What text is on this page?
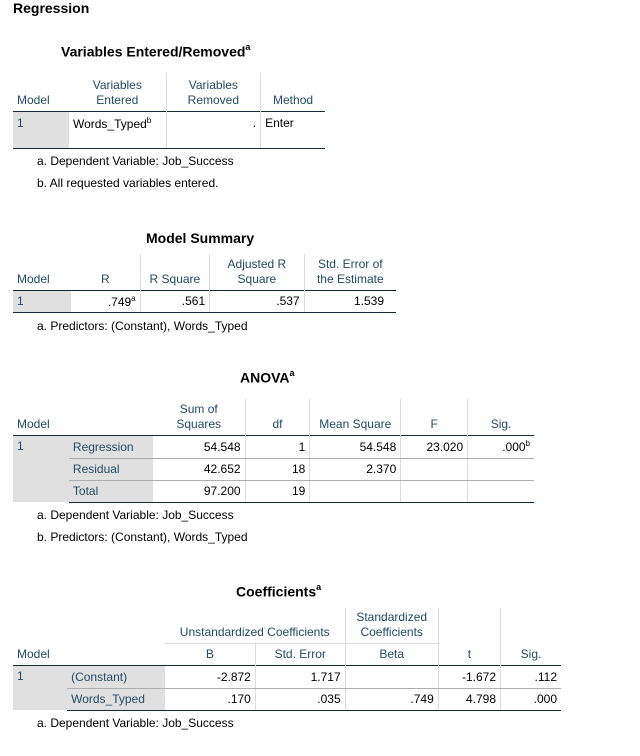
Regression
Variables Entered/Removed$^a$
Model	Variables Entered	Variables Removed	Method
1	Words_Typed$^b$	.	Enter
a. Dependent Variable: Job_Success
b. All requested variables entered.
Model Summary
Model	R	R Square	Adjusted R Square	Std. Error of the Estimate
1	.749$^a$	.561	.537	1.539
a. Predictors: (Constant), Words_Typed
ANOVA$^a$
Model		Sum of Squares	df	Mean Square	F	Sig.
1	Regression	54.548	1	54.548	23.020	.000$^b$
	Residual	42.652	18	2.370		
	Total	97.200	19			
a. Dependent Variable: Job_Success
b. Predictors: (Constant), Words_Typed
Coefficients$^a$
Model		Unstandardized Coefficients		Standardized Coefficients	t	Sig.
		B	Std. Error	Beta		
1	(Constant)	-2.872	1.717		-1.672	.112
	Words_Typed	.170	.035	.749	4.798	.000
a. Dependent Variable: Job_Success
